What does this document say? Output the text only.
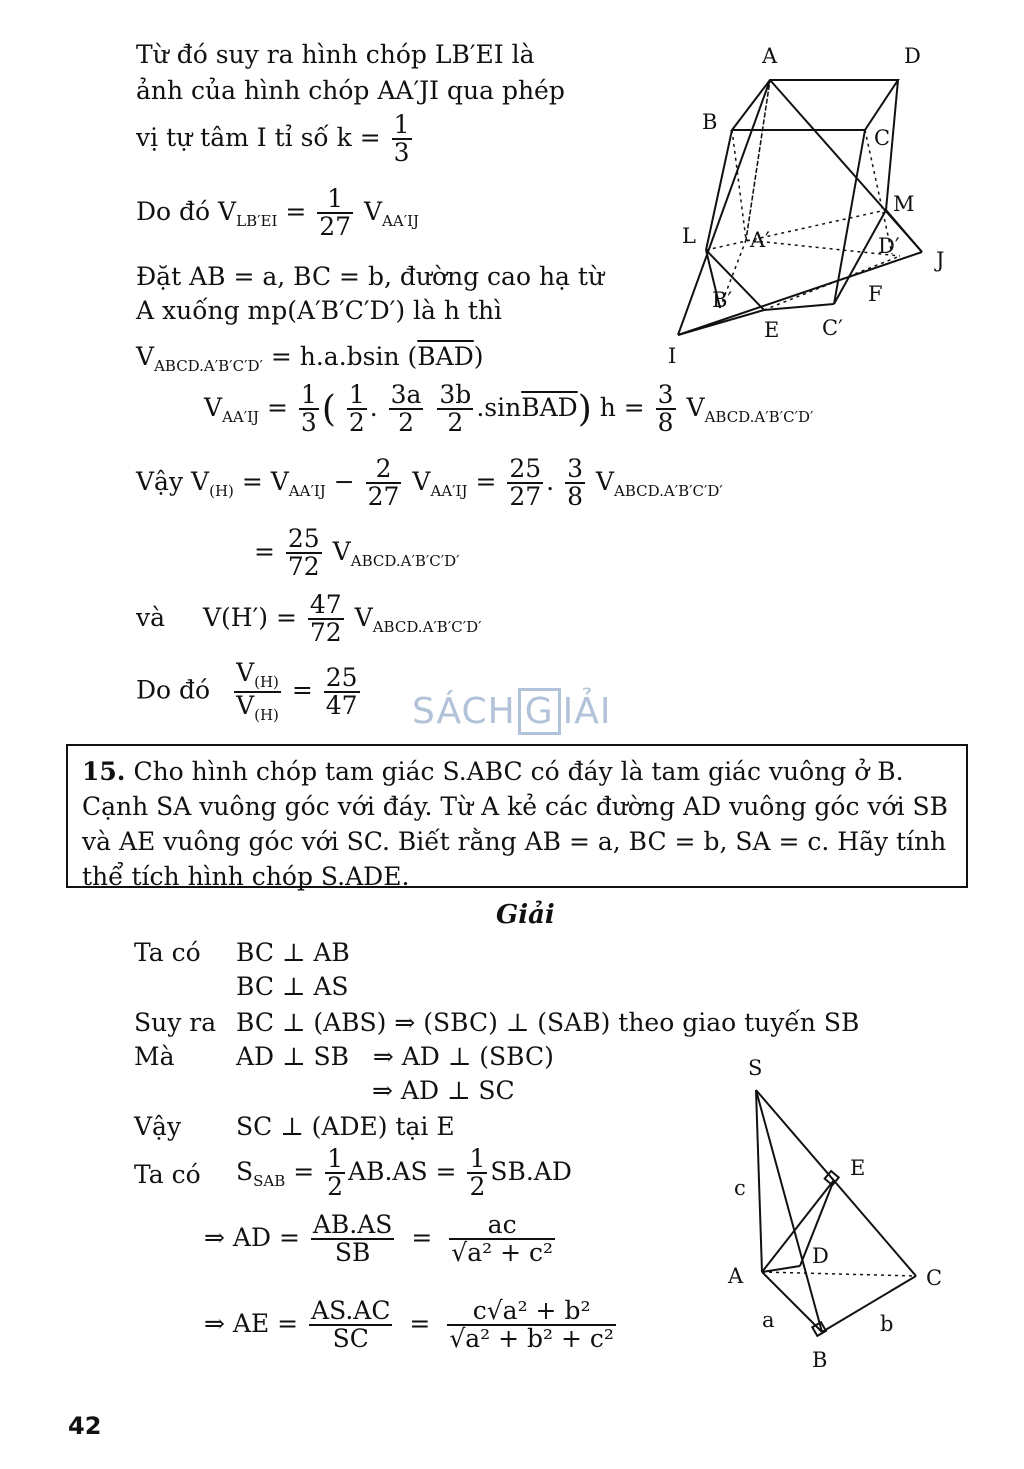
Từ đó suy ra hình chóp LB′EI là
ảnh của hình chóp AA′JI qua phép
vị tự tâm I tỉ số $k = \frac{1}{3}$
Do đó $V_{LB'EI} = \frac{1}{27} V_{AA'IJ}$
Đặt AB = a, BC = b, đường cao hạ từ
A xuống mp(A′B′C′D′) là h thì
$V_{ABCD.A'B'C'D'} = h.a.bsin$ $(\overline{BAD})$
$V_{AA'IJ} = \frac{1}{3}$ ( $\frac{1}{2}$ . $\frac{3a}{2}$
$\frac{3b}{2} .\sin\overline{BAD}$) $h = \frac{3}{8} V_{ABCD.A'B'C'D'}$
Vậy $V_{(H)} = V_{AA'IJ} - \frac{2}{27} V_{AA'IJ} = \frac{25}{27}$ . $\frac{3}{8} V_{ABCD.A'B'C'D'}$
= $\frac{25}{72} V_{ABCD.A'B'C'D'}$
và $V(H') = \frac{47}{72} V_{ABCD.A'B'C'D'}$
Do đó $\frac{V_{(H)}}{V_{(H)}} = \frac{25}{47}$
A	D
B
C
M
L	A′	D′
J
B′	F
E C′
I
SÁCH G IẢI
15. Cho hình chóp tam giác S.ABC có đáy là tam giác vuông ở B. Cạnh SA vuông góc với đáy. Từ A kẻ các đường AD vuông góc với SB và AE vuông góc với SC. Biết rằng AB = a, BC = b, SA = c. Hãy tính thể tích hình chóp S.ADE.
Giải
Ta có BC ⊥ AB
BC ⊥ AS
Suy ra BC ⊥ (ABS) ⇒ (SBC) ⊥ (SAB) theo giao tuyến SB
Mà AD ⊥ SB   ⇒ AD ⊥ (SBC)
⇒ AD ⊥ SC
Vậy SC ⊥ (ADE) tại E
Ta có $S_{SAB} = \frac{1}{2} AB.AS = \frac{1}{2} SB.AD$
⇒ AD = $\frac{AB.AS}{SB} = \frac{ac}{\text{√a² + c²}}$
⇒ AE = $\frac{AS.AC}{SC} = \frac{\text{c√a² + b²}}{\text{√a² + b² + c²}}$
S
E
c
D
A	C
a	b
B
42
